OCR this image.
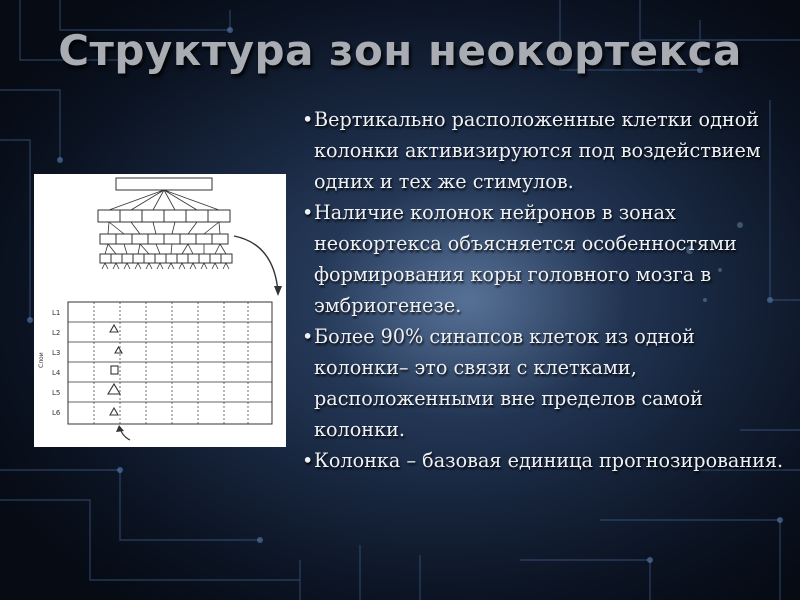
Структура зон неокортекса
L1
L2
L3
L4
L5
L6
Слои
• Вертикально расположенные клетки одной колонки активизируются под воздействием одних и тех же стимулов.
• Наличие колонок нейронов в зонах неокортекса объясняется особенностями формирования коры головного мозга в эмбриогенезе.
• Более 90% синапсов клеток из одной колонки– это связи с клетками, расположенными вне пределов самой колонки.
• Колонка – базовая единица прогнозирования.
